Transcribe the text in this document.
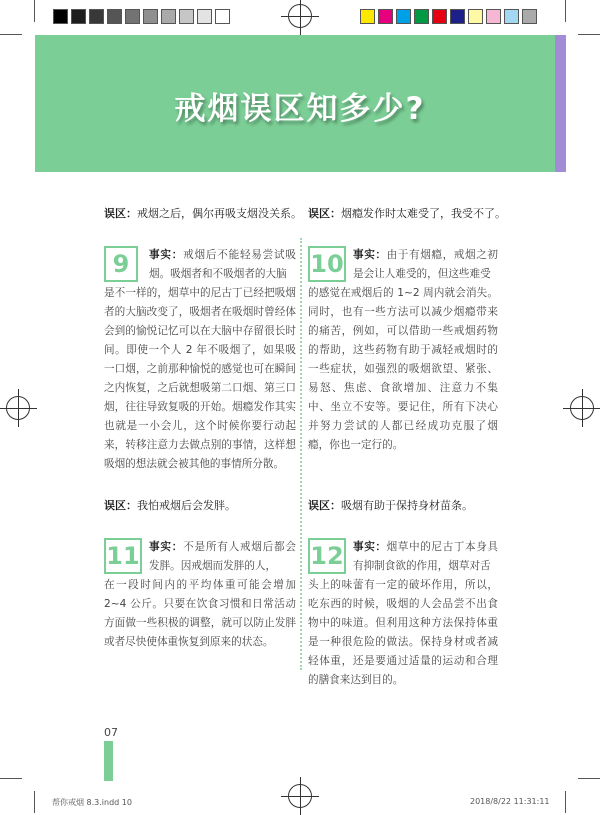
戒烟误区知多少?
误区：戒烟之后，偶尔再吸支烟没关系。
9	事实：戒烟后不能轻易尝试吸烟。吸烟者和不吸烟者的大脑
是不一样的，烟草中的尼古丁已经把吸烟者的大脑改变了，吸烟者在吸烟时曾经体会到的愉悦记忆可以在大脑中存留很长时间。即使一个人 2 年不吸烟了，如果吸一口烟，之前那种愉悦的感觉也可在瞬间之内恢复，之后就想吸第二口烟、第三口烟，往往导致复吸的开始。烟瘾发作其实也就是一小会儿，这个时候你要行动起来，转移注意力去做点别的事情，这样想吸烟的想法就会被其他的事情所分散。
误区：烟瘾发作时太难受了，我受不了。
10 事实：由于有烟瘾，戒烟之初是会让人难受的，但这些难受
的感觉在戒烟后的 1~2 周内就会消失。同时，也有一些方法可以减少烟瘾带来的痛苦，例如，可以借助一些戒烟药物的帮助，这些药物有助于减轻戒烟时的一些症状，如强烈的吸烟欲望、紧张、易怒、焦虑、食欲增加、注意力不集中、坐立不安等。要记住，所有下决心并努力尝试的人都已经成功克服了烟瘾，你也一定行的。
误区：我怕戒烟后会发胖。
11 事实：不是所有人戒烟后都会发胖。因戒烟而发胖的人，
在一段时间内的平均体重可能会增加 2~4 公斤。只要在饮食习惯和日常活动方面做一些积极的调整，就可以防止发胖或者尽快使体重恢复到原来的状态。
误区：吸烟有助于保持身材苗条。
12 事实：烟草中的尼古丁本身具有抑制食欲的作用，烟草对舌
头上的味蕾有一定的破坏作用，所以，吃东西的时候，吸烟的人会品尝不出食物中的味道。但利用这种方法保持体重是一种很危险的做法。保持身材或者减轻体重，还是要通过适量的运动和合理的膳食来达到目的。
07
帮你戒烟 8.3.indd 10	2018/8/22 11:31:11
